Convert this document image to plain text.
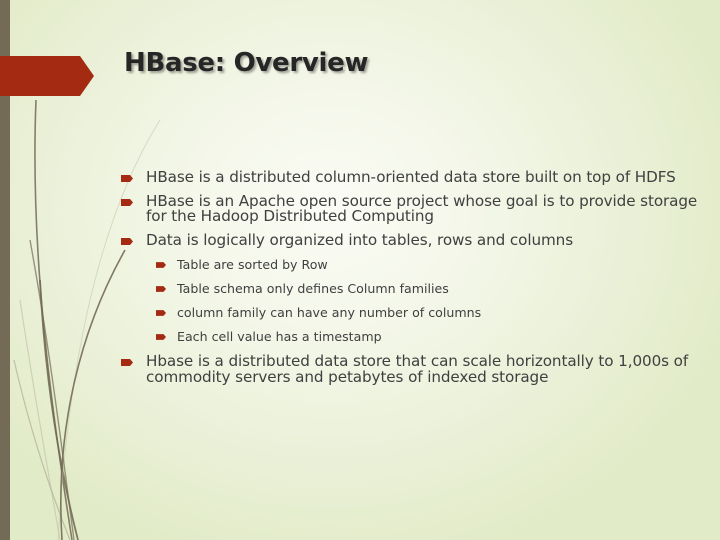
HBase: Overview
HBase is a distributed column-oriented data store built on top of HDFS
HBase is an Apache open source project whose goal is to provide storage for the Hadoop Distributed Computing
Data is logically organized into tables, rows and columns
Table are sorted by Row
Table schema only defines Column families
column family can have any number of columns
Each cell value has a timestamp
Hbase is a distributed data store that can scale horizontally to 1,000s of commodity servers and petabytes of indexed storage
